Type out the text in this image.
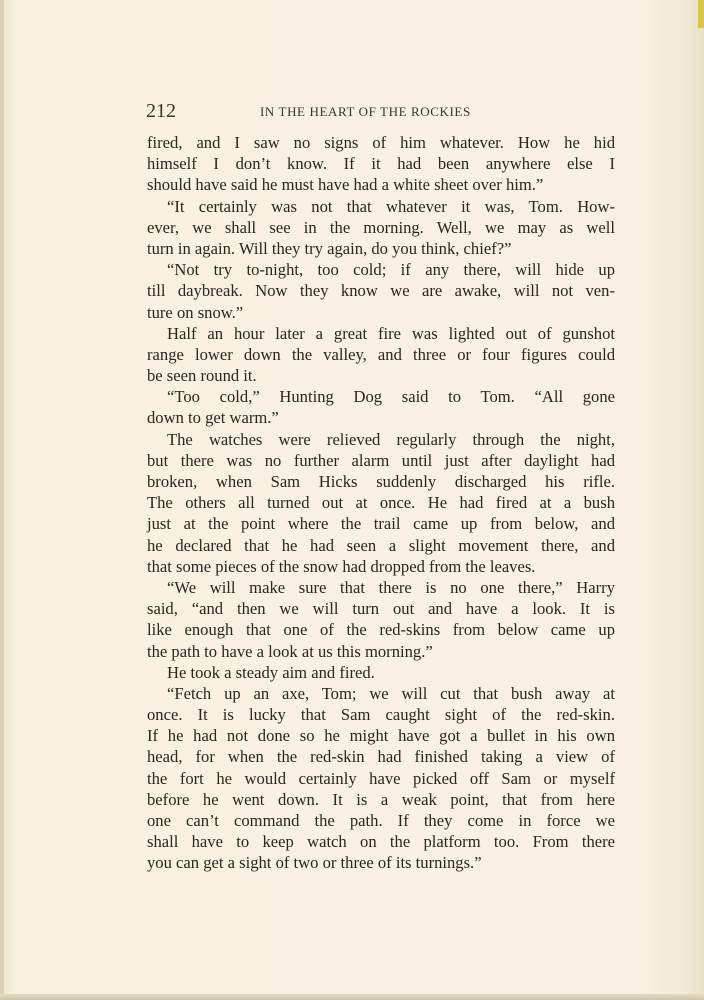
212	IN THE HEART OF THE ROCKIES
fired, and I saw no signs of him whatever. How he hid
himself I don’t know. If it had been anywhere else I
should have said he must have had a white sheet over him.”
“It certainly was not that whatever it was, Tom. How-
ever, we shall see in the morning. Well, we may as well
turn in again. Will they try again, do you think, chief?”
“Not try to-night, too cold; if any there, will hide up
till daybreak. Now they know we are awake, will not ven-
ture on snow.”
Half an hour later a great fire was lighted out of gunshot
range lower down the valley, and three or four figures could
be seen round it.
“Too cold,” Hunting Dog said to Tom. “All gone
down to get warm.”
The watches were relieved regularly through the night,
but there was no further alarm until just after daylight had
broken, when Sam Hicks suddenly discharged his rifle.
The others all turned out at once. He had fired at a bush
just at the point where the trail came up from below, and
he declared that he had seen a slight movement there, and
that some pieces of the snow had dropped from the leaves.
“We will make sure that there is no one there,” Harry
said, “and then we will turn out and have a look. It is
like enough that one of the red-skins from below came up
the path to have a look at us this morning.”
He took a steady aim and fired.
“Fetch up an axe, Tom; we will cut that bush away at
once. It is lucky that Sam caught sight of the red-skin.
If he had not done so he might have got a bullet in his own
head, for when the red-skin had finished taking a view of
the fort he would certainly have picked off Sam or myself
before he went down. It is a weak point, that from here
one can’t command the path. If they come in force we
shall have to keep watch on the platform too. From there
you can get a sight of two or three of its turnings.”
